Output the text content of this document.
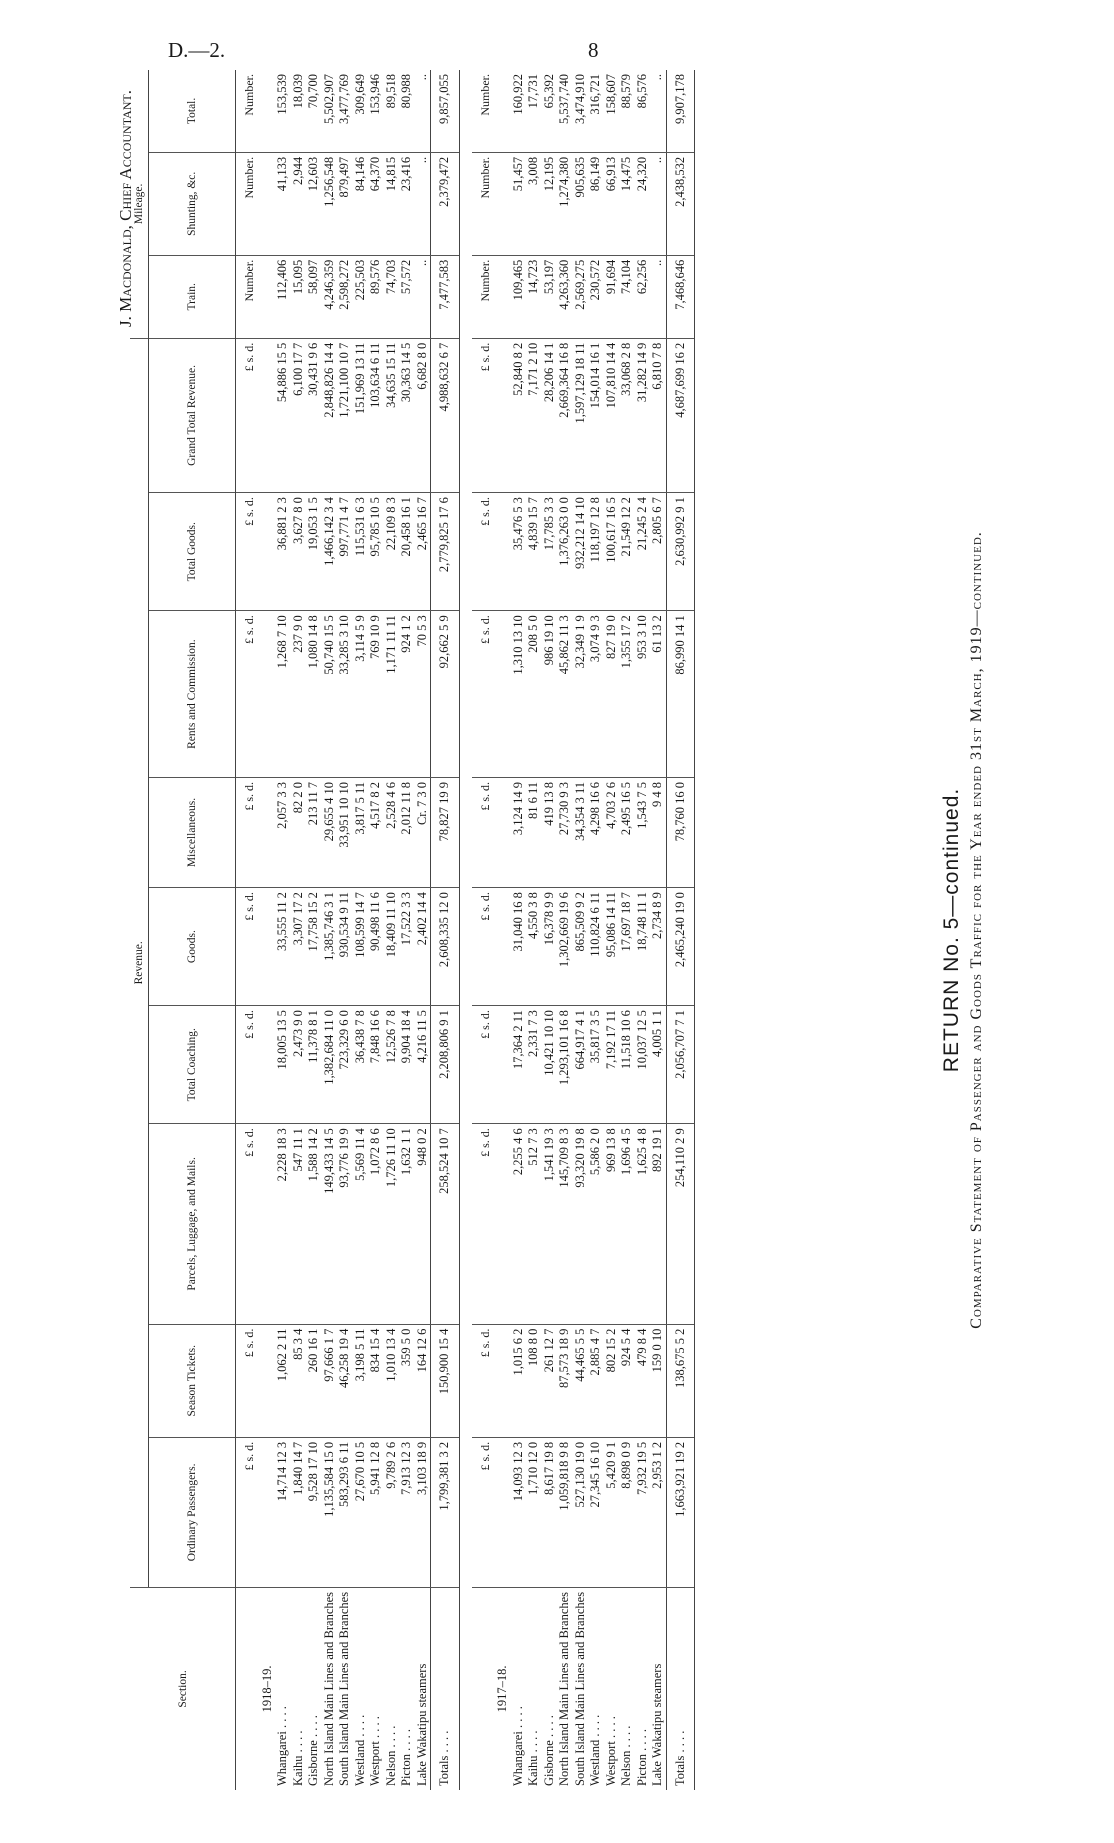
D.—2.	8
RETURN No. 5—continued. Comparative Statement of Passenger and Goods Traffic for the Year ended 31st March, 1919—continued.
Section.	Revenue.									Mileage.		
	Ordinary Passengers.	Season Tickets.	Parcels, Luggage, and Mails.	Total Coaching.	Goods.	Miscellaneous.	Rents and Commission.	Total Goods.	Grand Total Revenue.	Train.	Shunting, &c.	Total.
	£ s. d.	£ s. d.	£ s. d.	£ s. d.	£ s. d.	£ s. d.	£ s. d.	£ s. d.	£ s. d.	Number.	Number.	Number.
1918–19.												
Whangarei . . . .	14,714 12 3	1,062 2 11	2,228 18 3	18,005 13 5	33,555 11 2	2,057 3 3	1,268 7 10	36,881 2 3	54,886 15 5	112,406	41,133	153,539
Kaihu . . . .	1,840 14 7	85 3 4	547 11 1	2,473 9 0	3,307 17 2	82 2 0	237 9 0	3,627 8 0	6,100 17 7	15,095	2,944	18,039
Gisborne . . . .	9,528 17 10	260 16 1	1,588 14 2	11,378 8 1	17,758 15 2	213 11 7	1,080 14 8	19,053 1 5	30,431 9 6	58,097	12,603	70,700
North Island Main Lines and Branches	1,135,584 15 0	97,666 1 7	149,433 14 5	1,382,684 11 0	1,385,746 3 1	29,655 4 10	50,740 15 5	1,466,142 3 4	2,848,826 14 4	4,246,359	1,256,548	5,502,907
South Island Main Lines and Branches	583,293 6 11	46,258 19 4	93,776 19 9	723,329 6 0	930,534 9 11	33,951 10 10	33,285 3 10	997,771 4 7	1,721,100 10 7	2,598,272	879,497	3,477,769
Westland . . . .	27,670 10 5	3,198 5 11	5,569 11 4	36,438 7 8	108,599 14 7	3,817 5 11	3,114 5 9	115,531 6 3	151,969 13 11	225,503	84,146	309,649
Westport . . . .	5,941 12 8	834 15 4	1,072 8 6	7,848 16 6	90,498 11 6	4,517 8 2	769 10 9	95,785 10 5	103,634 6 11	89,576	64,370	153,946
Nelson . . . .	9,789 2 6	1,010 13 4	1,726 11 10	12,526 7 8	18,409 11 10	2,528 4 6	1,171 11 11	22,109 8 3	34,635 15 11	74,703	14,815	89,518
Picton . . . .	7,913 12 3	359 5 0	1,632 1 1	9,904 18 4	17,522 3 3	2,012 11 8	924 1 2	20,458 16 1	30,363 14 5	57,572	23,416	80,988
Lake Wakatipu steamers	3,103 18 9	164 12 6	948 0 2	4,216 11 5	2,402 14 4	Cr. 7 3 0	70 5 3	2,465 16 7	6,682 8 0	..	..	..
Totals . . . .	1,799,381 3 2	150,900 15 4	258,524 10 7	2,208,806 9 1	2,608,335 12 0	78,827 19 9	92,662 5 9	2,779,825 17 6	4,988,632 6 7	7,477,583	2,379,472	9,857,055

	£ s. d.	£ s. d.	£ s. d.	£ s. d.	£ s. d.	£ s. d.	£ s. d.	£ s. d.	£ s. d.	Number.	Number.	Number.
1917–18.												
Whangarei . . . .	14,093 12 3	1,015 6 2	2,255 4 6	17,364 2 11	31,040 16 8	3,124 14 9	1,310 13 10	35,476 5 3	52,840 8 2	109,465	51,457	160,922
Kaihu . . . .	1,710 12 0	108 8 0	512 7 3	2,331 7 3	4,550 3 8	81 6 11	208 5 0	4,839 15 7	7,171 2 10	14,723	3,008	17,731
Gisborne . . . .	8,617 19 8	261 12 7	1,541 19 3	10,421 10 10	16,378 9 9	419 13 8	986 19 10	17,785 3 3	28,206 14 1	53,197	12,195	65,392
North Island Main Lines and Branches	1,059,818 9 8	87,573 18 9	145,709 8 3	1,293,101 16 8	1,302,669 19 6	27,730 9 3	45,862 11 3	1,376,263 0 0	2,669,364 16 8	4,263,360	1,274,380	5,537,740
South Island Main Lines and Branches	527,130 19 0	44,465 5 5	93,320 19 8	664,917 4 1	865,509 9 2	34,354 3 11	32,349 1 9	932,212 14 10	1,597,129 18 11	2,569,275	905,635	3,474,910
Westland . . . .	27,345 16 10	2,885 4 7	5,586 2 0	35,817 3 5	110,824 6 11	4,298 16 6	3,074 9 3	118,197 12 8	154,014 16 1	230,572	86,149	316,721
Westport . . . .	5,420 9 1	802 15 2	969 13 8	7,192 17 11	95,086 14 11	4,703 2 6	827 19 0	100,617 16 5	107,810 14 4	91,694	66,913	158,607
Nelson . . . .	8,898 0 9	924 5 4	1,696 4 5	11,518 10 6	17,697 18 7	2,495 16 5	1,355 17 2	21,549 12 2	33,068 2 8	74,104	14,475	88,579
Picton . . . .	7,932 19 5	479 8 4	1,625 4 8	10,037 12 5	18,748 11 1	1,543 7 5	953 3 10	21,245 2 4	31,282 14 9	62,256	24,320	86,576
Lake Wakatipu steamers	2,953 1 2	159 0 10	892 19 1	4,005 1 1	2,734 8 9	9 4 8	61 13 2	2,805 6 7	6,810 7 8	..	..	..
Totals . . . .	1,663,921 19 2	138,675 5 2	254,110 2 9	2,056,707 7 1	2,465,240 19 0	78,760 16 0	86,990 14 1	2,630,992 9 1	4,687,699 16 2	7,468,646	2,438,532	9,907,178
J. Macdonald, Chief Accountant.
